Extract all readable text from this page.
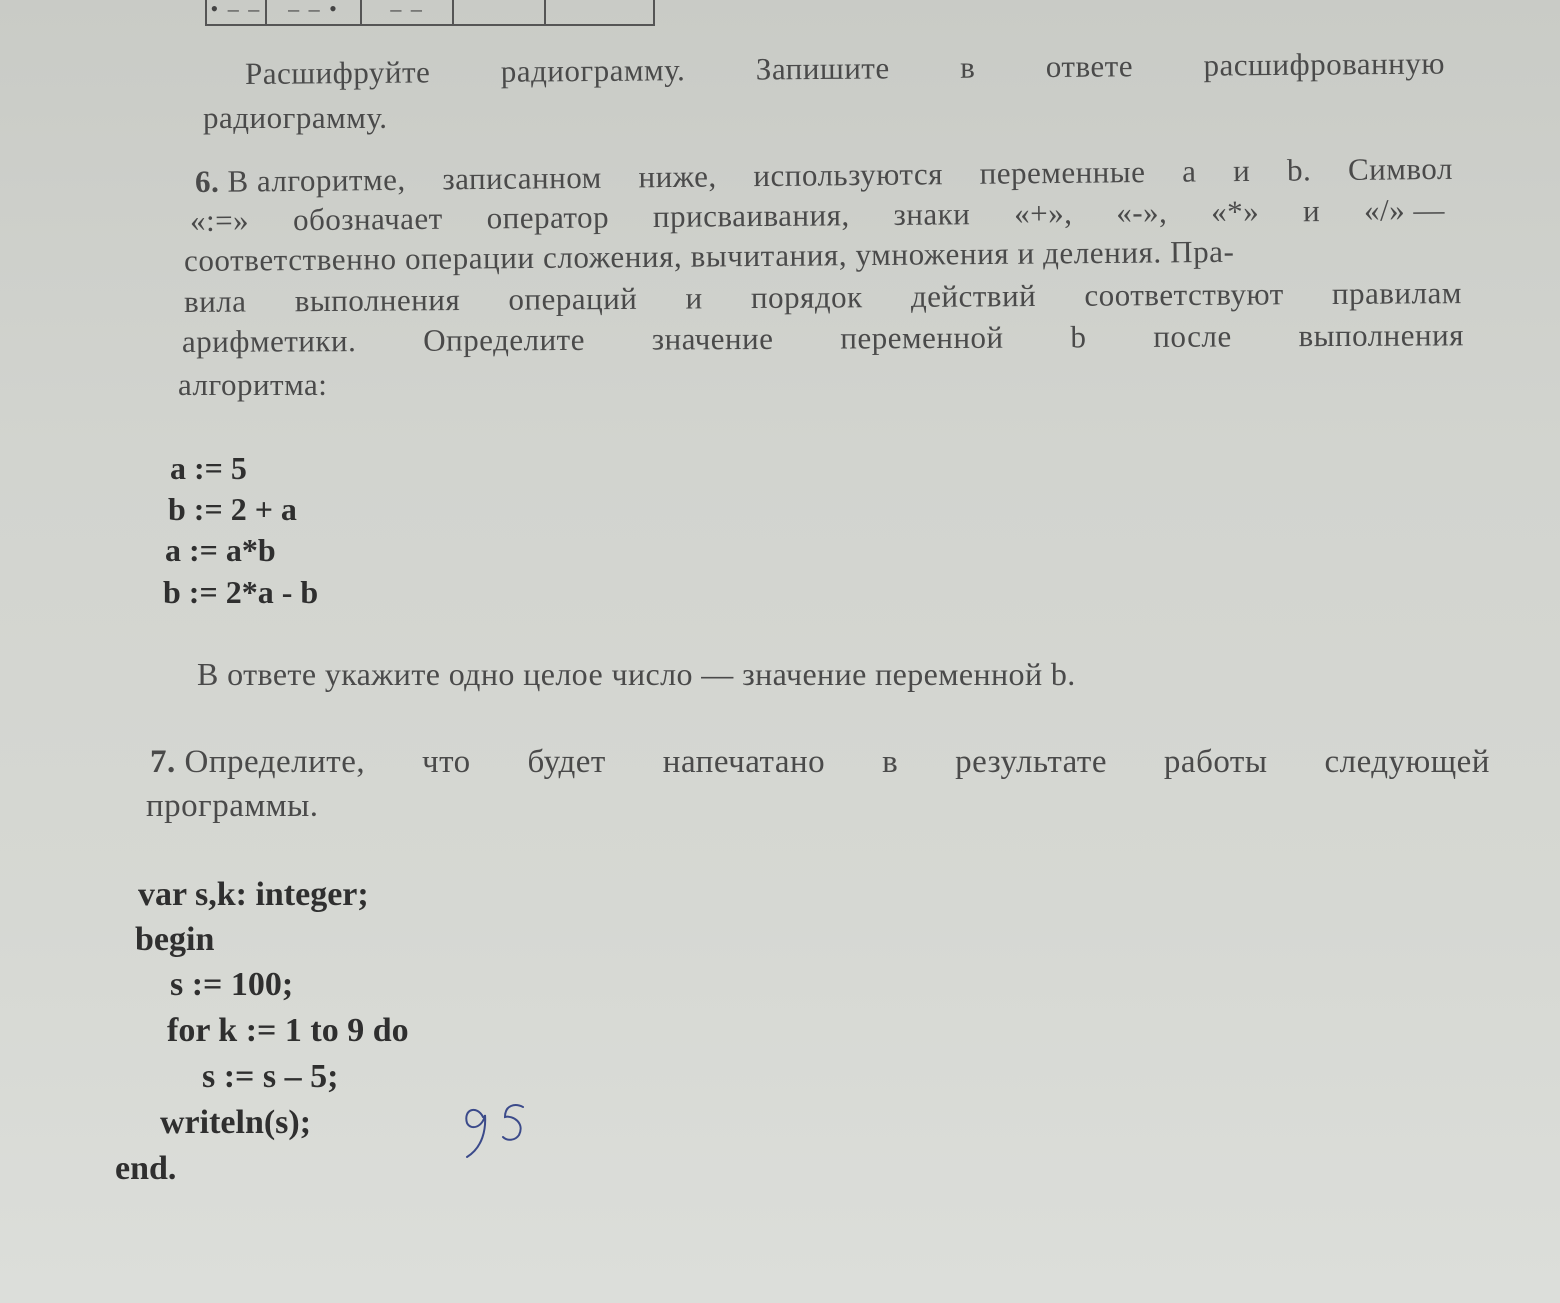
• – –	– – •	– –
Расшифруйте радиограмму. Запишите в ответе расшифрованную
радиограмму.
6. В алгоритме, записанном ниже, используются переменные a и b. Символ
«:=» обозначает оператор присваивания, знаки «+», «-», «*» и «/» —
соответственно операции сложения, вычитания, умножения и деления. Пра-
вила выполнения операций и порядок действий соответствуют правилам
арифметики. Определите значение переменной b после выполнения
алгоритма:
a := 5
b := 2 + a
a := a*b
b := 2*a - b
В ответе укажите одно целое число — значение переменной b.
7. Определите, что будет напечатано в результате работы следующей
программы.
var s,k: integer;
begin
s := 100;
for k := 1 to 9 do
s := s – 5;
writeln(s);
end.
